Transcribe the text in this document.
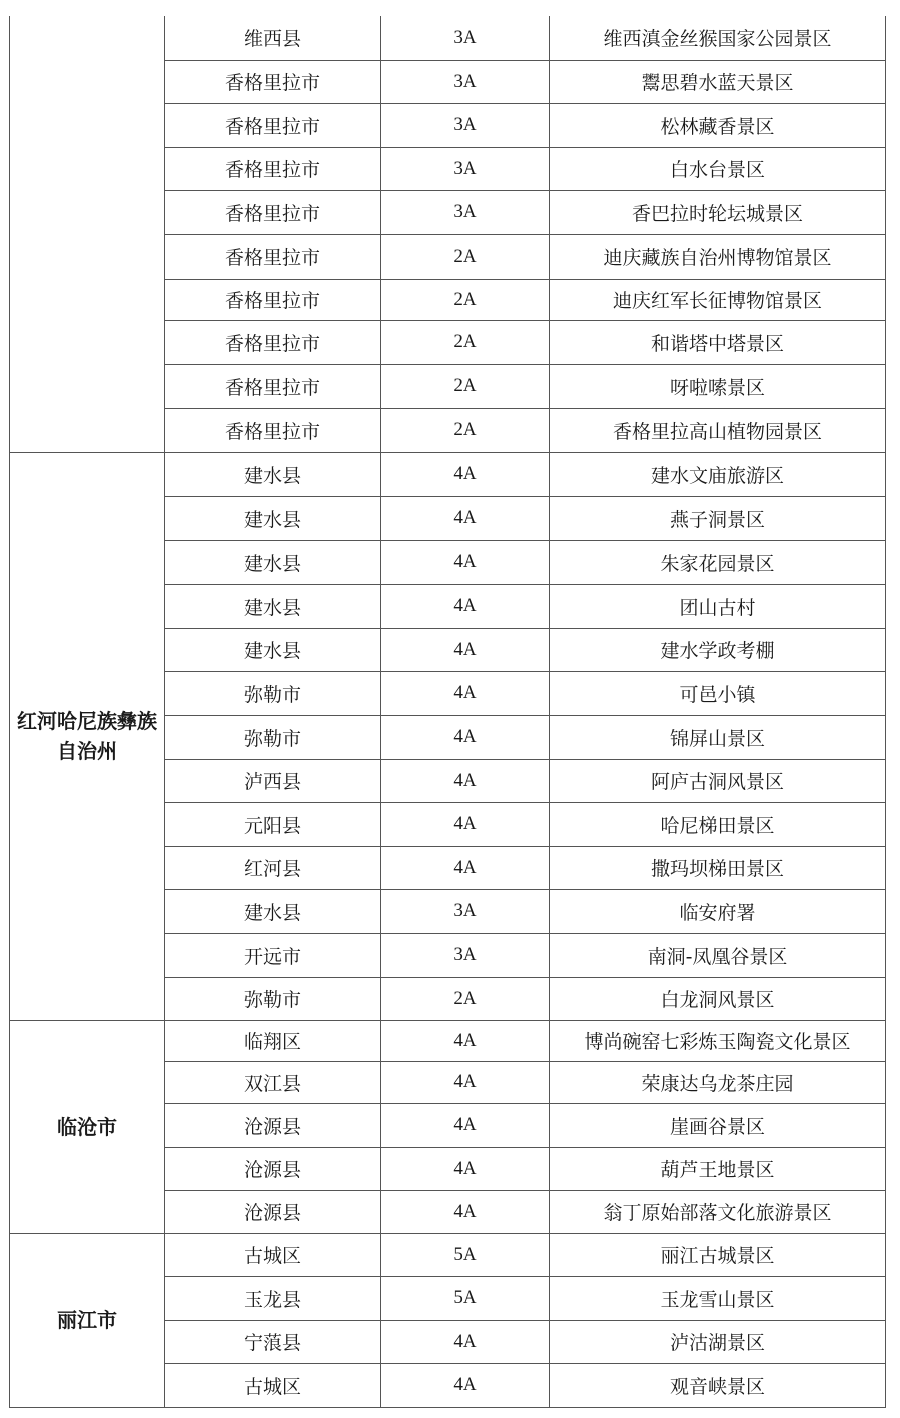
	维西县	3A	维西滇金丝猴国家公园景区
	香格里拉市	3A	鬻思碧水蓝天景区
	香格里拉市	3A	松林藏香景区
	香格里拉市	3A	白水台景区
	香格里拉市	3A	香巴拉时轮坛城景区
	香格里拉市	2A	迪庆藏族自治州博物馆景区
	香格里拉市	2A	迪庆红军长征博物馆景区
	香格里拉市	2A	和谐塔中塔景区
	香格里拉市	2A	呀啦嗦景区
	香格里拉市	2A	香格里拉高山植物园景区
红河哈尼族彝族自治州	建水县	4A	建水文庙旅游区
	建水县	4A	燕子洞景区
	建水县	4A	朱家花园景区
	建水县	4A	团山古村
	建水县	4A	建水学政考棚
	弥勒市	4A	可邑小镇
	弥勒市	4A	锦屏山景区
	泸西县	4A	阿庐古洞风景区
	元阳县	4A	哈尼梯田景区
	红河县	4A	撒玛坝梯田景区
	建水县	3A	临安府署
	开远市	3A	南洞-凤凰谷景区
	弥勒市	2A	白龙洞风景区
临沧市	临翔区	4A	博尚碗窑七彩炼玉陶瓷文化景区
	双江县	4A	荣康达乌龙茶庄园
	沧源县	4A	崖画谷景区
	沧源县	4A	葫芦王地景区
	沧源县	4A	翁丁原始部落文化旅游景区
丽江市	古城区	5A	丽江古城景区
	玉龙县	5A	玉龙雪山景区
	宁蒗县	4A	泸沽湖景区
	古城区	4A	观音峡景区
